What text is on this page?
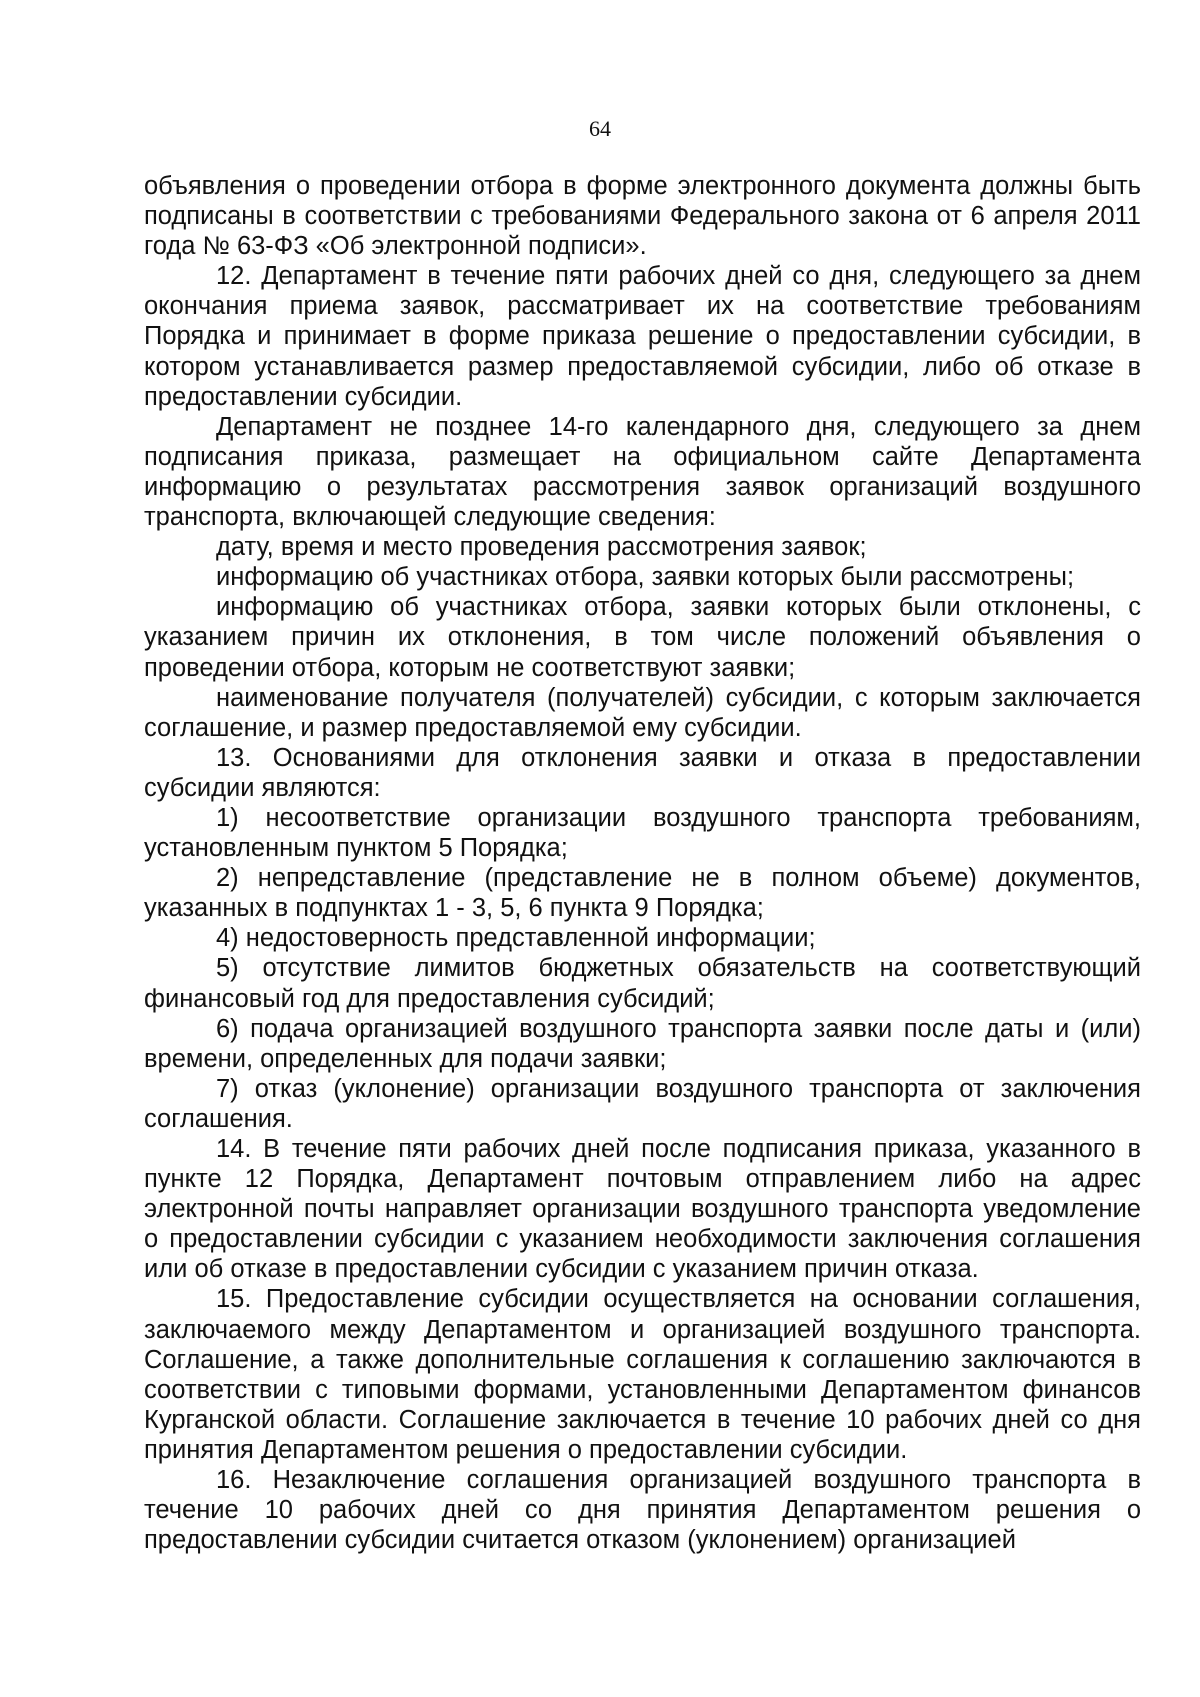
64

объявления о проведении отбора в форме электронного документа должны быть подписаны в соответствии с требованиями Федерального закона от 6 апреля 2011 года № 63-ФЗ «Об электронной подписи».

12. Департамент в течение пяти рабочих дней со дня, следующего за днем окончания приема заявок, рассматривает их на соответствие требованиям Порядка и принимает в форме приказа решение о предоставлении субсидии, в котором устанавливается размер предоставляемой субсидии, либо об отказе в предоставлении субсидии.

Департамент не позднее 14-го календарного дня, следующего за днем подписания приказа, размещает на официальном сайте Департамента информацию о результатах рассмотрения заявок организаций воздушного транспорта, включающей следующие сведения:

дату, время и место проведения рассмотрения заявок;

информацию об участниках отбора, заявки которых были рассмотрены;

информацию об участниках отбора, заявки которых были отклонены, с указанием причин их отклонения, в том числе положений объявления о проведении отбора, которым не соответствуют заявки;

наименование получателя (получателей) субсидии, с которым заключается соглашение, и размер предоставляемой ему субсидии.

13. Основаниями для отклонения заявки и отказа в предоставлении субсидии являются:

1) несоответствие организации воздушного транспорта требованиям, установленным пунктом 5 Порядка;

2) непредставление (представление не в полном объеме) документов, указанных в подпунктах 1 - 3, 5, 6 пункта 9 Порядка;

4) недостоверность представленной информации;

5) отсутствие лимитов бюджетных обязательств на соответствующий финансовый год для предоставления субсидий;

6) подача организацией воздушного транспорта заявки после даты и (или) времени, определенных для подачи заявки;

7) отказ (уклонение) организации воздушного транспорта от заключения соглашения.

14. В течение пяти рабочих дней после подписания приказа, указанного в пункте 12 Порядка, Департамент почтовым отправлением либо на адрес электронной почты направляет организации воздушного транспорта уведомление о предоставлении субсидии с указанием необходимости заключения соглашения или об отказе в предоставлении субсидии с указанием причин отказа.

15. Предоставление субсидии осуществляется на основании соглашения, заключаемого между Департаментом и организацией воздушного транспорта. Соглашение, а также дополнительные соглашения к соглашению заключаются в соответствии с типовыми формами, установленными Департаментом финансов Курганской области. Соглашение заключается в течение 10 рабочих дней со дня принятия Департаментом решения о предоставлении субсидии.

16. Незаключение соглашения организацией воздушного транспорта в течение 10 рабочих дней со дня принятия Департаментом решения о предоставлении субсидии считается отказом (уклонением) организацией
